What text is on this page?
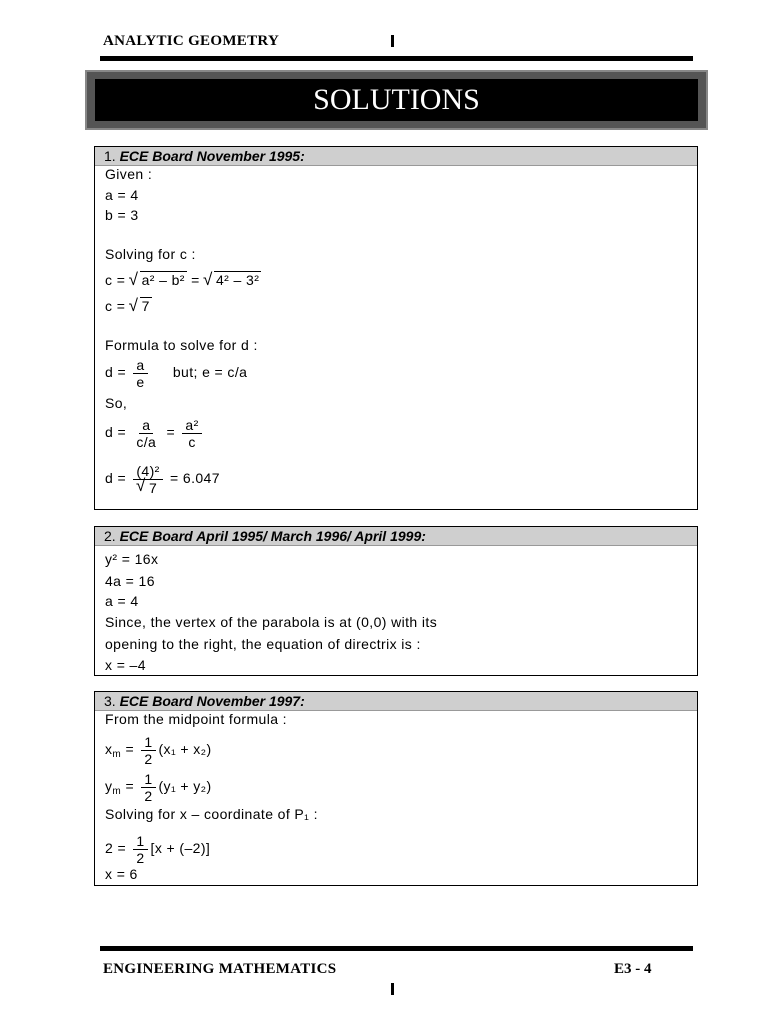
ANALYTIC GEOMETRY
SOLUTIONS
1. ECE Board November 1995:
Given :
a = 4
b = 3
Solving for c :
c = √ a² – b² = √ 4² – 3²
c = √ 7
Formula to solve for d :
$d = \frac{a}{e}$ but; e = c/a
So,
$d = \frac{a}{c/a} = \frac{\text{a²}}{c}$
d = (4)²
√ 7 = 6.047
2. ECE Board April 1995/ March 1996/ April 1999:
y² = 16x
4a = 16
a = 4
Since, the vertex of the parabola is at (0,0) with its
opening to the right, the equation of directrix is :
x = –4
3. ECE Board November 1997:
From the midpoint formula :
$x_m = \frac{1}{2} (x_1 + x_2)$
$y_m = \frac{1}{2} (y_1 + y_2)$
Solving for x – coordinate of P₁ :
$2 = \frac{1}{2} [x + (-2)]$
x = 6
ENGINEERING MATHEMATICS	E3 - 4
